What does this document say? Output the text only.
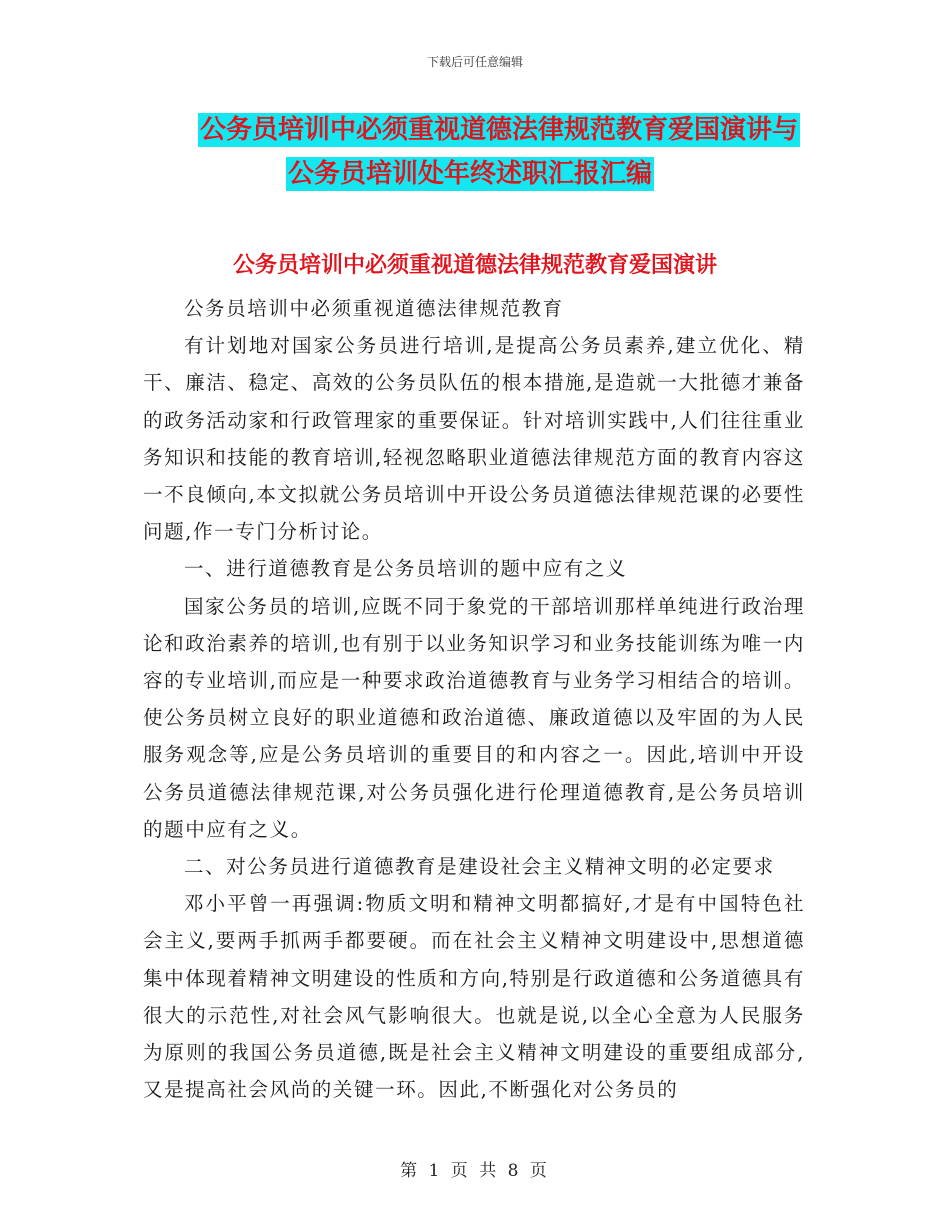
下载后可任意编辑
公务员培训中必须重视道德法律规范教育爱国演讲与
公务员培训处年终述职汇报汇编
公务员培训中必须重视道德法律规范教育爱国演讲

公务员培训中必须重视道德法律规范教育

有计划地对国家公务员进行培训,是提高公务员素养,建立优化、精干、廉洁、稳定、高效的公务员队伍的根本措施,是造就一大批德才兼备的政务活动家和行政管理家的重要保证。针对培训实践中,人们往往重业务知识和技能的教育培训,轻视忽略职业道德法律规范方面的教育内容这一不良倾向,本文拟就公务员培训中开设公务员道德法律规范课的必要性问题,作一专门分析讨论。

一、进行道德教育是公务员培训的题中应有之义

国家公务员的培训,应既不同于象党的干部培训那样单纯进行政治理论和政治素养的培训,也有别于以业务知识学习和业务技能训练为唯一内容的专业培训,而应是一种要求政治道德教育与业务学习相结合的培训。使公务员树立良好的职业道德和政治道德、廉政道德以及牢固的为人民服务观念等,应是公务员培训的重要目的和内容之一。因此,培训中开设公务员道德法律规范课,对公务员强化进行伦理道德教育,是公务员培训的题中应有之义。

二、对公务员进行道德教育是建设社会主义精神文明的必定要求

邓小平曾一再强调:物质文明和精神文明都搞好,才是有中国特色社会主义,要两手抓两手都要硬。而在社会主义精神文明建设中,思想道德集中体现着精神文明建设的性质和方向,特别是行政道德和公务道德具有很大的示范性,对社会风气影响很大。也就是说,以全心全意为人民服务为原则的我国公务员道德,既是社会主义精神文明建设的重要组成部分,又是提高社会风尚的关键一环。因此,不断强化对公务员的

第 1 页 共 8 页
